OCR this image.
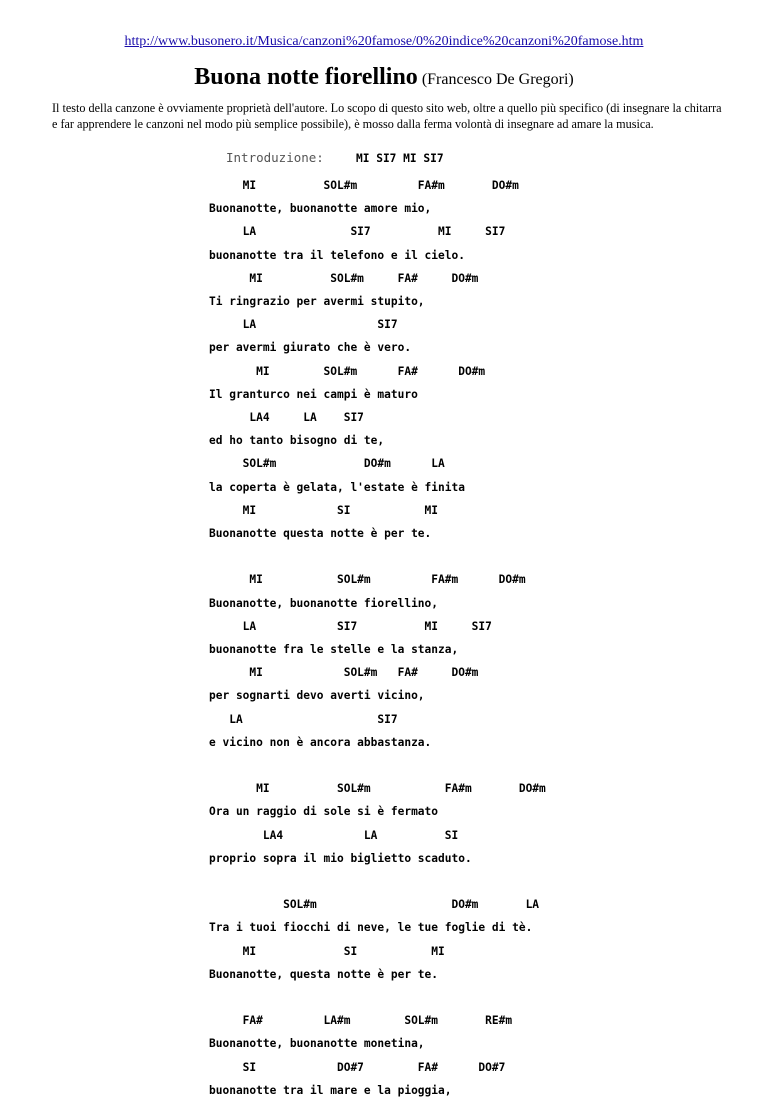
http://www.busonero.it/Musica/canzoni%20famose/0%20indice%20canzoni%20famose.htm
Buona notte fiorellino (Francesco De Gregori)
Il testo della canzone è ovviamente proprietà dell'autore. Lo scopo di questo sito web, oltre a quello più specifico (di insegnare la chitarra e far apprendere le canzoni nel modo più semplice possibile), è mosso dalla ferma volontà di insegnare ad amare la musica.
Introduzione:	MI SI7 MI SI7
MI          SOL#m         FA#m       DO#m
Buonanotte, buonanotte amore mio,
LA              SI7          MI     SI7
buonanotte tra il telefono e il cielo.
MI          SOL#m     FA#     DO#m
Ti ringrazio per avermi stupito,
LA                  SI7
per avermi giurato che è vero.
MI        SOL#m      FA#      DO#m
Il granturco nei campi è maturo
LA4     LA    SI7
ed ho tanto bisogno di te,
SOL#m             DO#m      LA
la coperta è gelata, l'estate è finita
MI            SI           MI
Buonanotte questa notte è per te.
MI           SOL#m         FA#m      DO#m
Buonanotte, buonanotte fiorellino,
LA            SI7          MI     SI7
buonanotte fra le stelle e la stanza,
MI            SOL#m   FA#     DO#m
per sognarti devo averti vicino,
LA                    SI7
e vicino non è ancora abbastanza.
MI          SOL#m           FA#m       DO#m
Ora un raggio di sole si è fermato
LA4            LA          SI
proprio sopra il mio biglietto scaduto.
SOL#m                    DO#m       LA
Tra i tuoi fiocchi di neve, le tue foglie di tè.
MI             SI           MI
Buonanotte, questa notte è per te.
FA#         LA#m        SOL#m       RE#m
Buonanotte, buonanotte monetina,
SI            DO#7        FA#      DO#7
buonanotte tra il mare e la pioggia,
